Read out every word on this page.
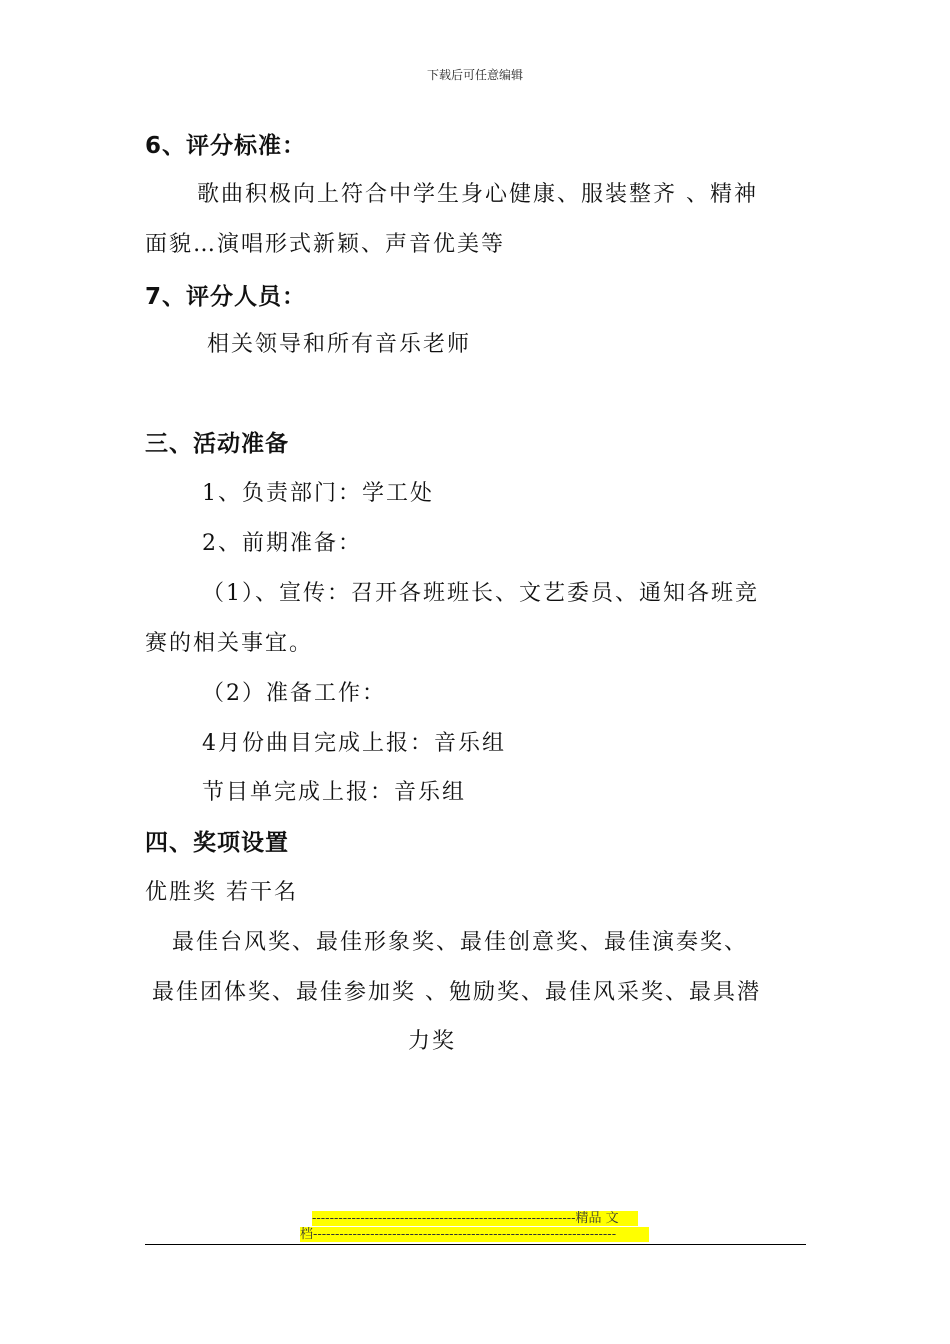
下载后可任意编辑
6、评分标准：
歌曲积极向上符合中学生身心健康、服装整齐 、精神
面貌…演唱形式新颖、声音优美等
7、评分人员：
相关领导和所有音乐老师
三、活动准备
1、负责部门：学工处
2、前期准备：
（1）、宣传：召开各班班长、文艺委员、通知各班竞
赛的相关事宜。
（2）准备工作：
4月份曲目完成上报：音乐组
节目单完成上报：音乐组
四、奖项设置
优胜奖 若干名
最佳台风奖、最佳形象奖、最佳创意奖、最佳演奏奖、
最佳团体奖、最佳参加奖 、勉励奖、最佳风采奖、最具潜
力奖
------------------------------------------------------------精品 文
档---------------------------------------------------------------------
